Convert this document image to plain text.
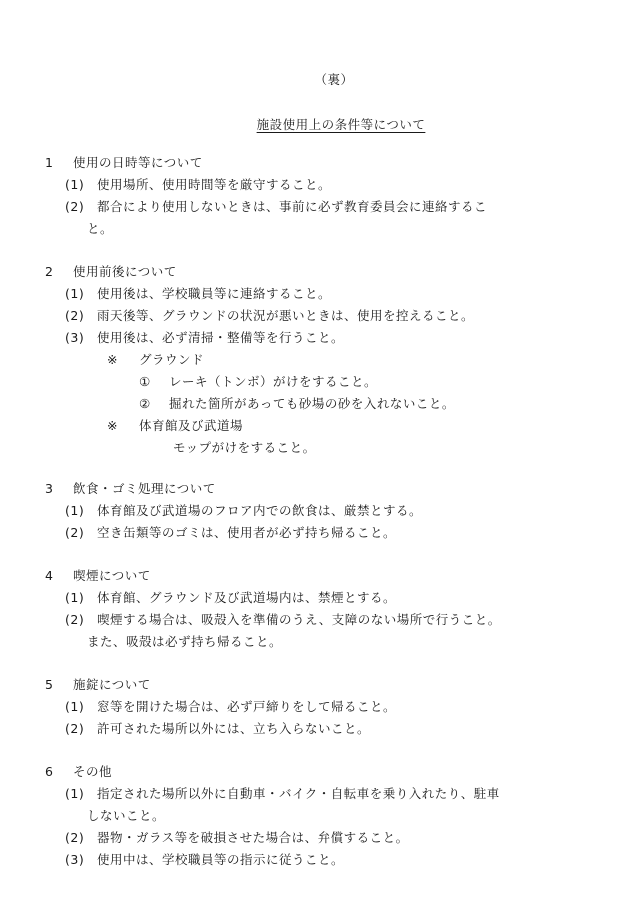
（裏）
施設使用上の条件等について
1 使用の日時等について
(1) 使用場所、使用時間等を厳守すること。
(2) 都合により使用しないときは、事前に必ず教育委員会に連絡するこ
と。
2 使用前後について
(1) 使用後は、学校職員等に連絡すること。
(2) 雨天後等、グラウンドの状況が悪いときは、使用を控えること。
(3) 使用後は、必ず清掃・整備等を行うこと。
※ グラウンド
① レーキ（トンボ）がけをすること。
② 掘れた箇所があっても砂場の砂を入れないこと。
※ 体育館及び武道場
モップがけをすること。
3 飲食・ゴミ処理について
(1) 体育館及び武道場のフロア内での飲食は、厳禁とする。
(2) 空き缶類等のゴミは、使用者が必ず持ち帰ること。
4 喫煙について
(1) 体育館、グラウンド及び武道場内は、禁煙とする。
(2) 喫煙する場合は、吸殻入を準備のうえ、支障のない場所で行うこと。
また、吸殻は必ず持ち帰ること。
5 施錠について
(1) 窓等を開けた場合は、必ず戸締りをして帰ること。
(2) 許可された場所以外には、立ち入らないこと。
6 その他
(1) 指定された場所以外に自動車・バイク・自転車を乗り入れたり、駐車
しないこと。
(2) 器物・ガラス等を破損させた場合は、弁償すること。
(3) 使用中は、学校職員等の指示に従うこと。
